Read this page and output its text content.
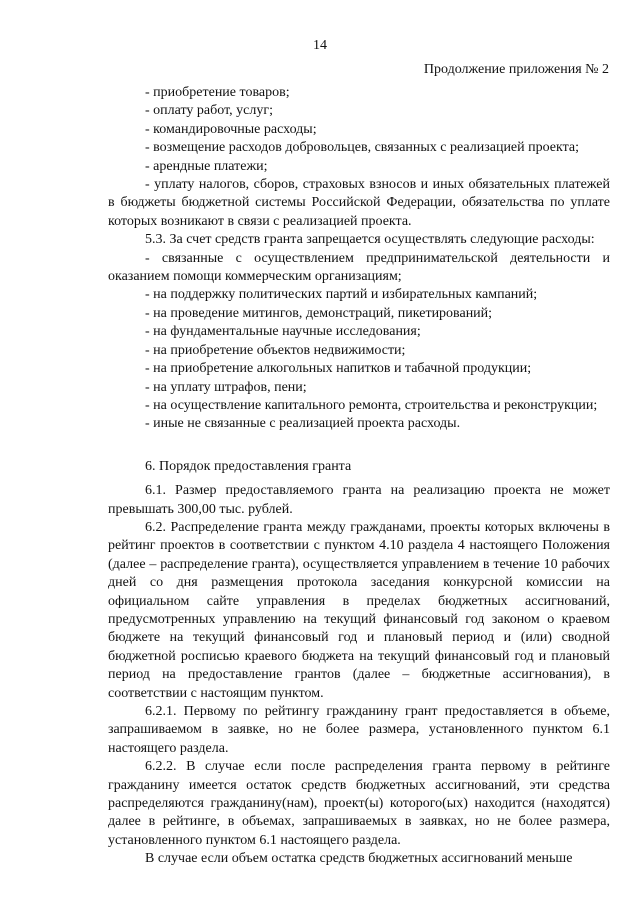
14
Продолжение приложения № 2

- приобретение товаров;

- оплату работ, услуг;

- командировочные расходы;

- возмещение расходов добровольцев, связанных с реализацией проекта;

- арендные платежи;

- уплату налогов, сборов, страховых взносов и иных обязательных платежей в бюджеты бюджетной системы Российской Федерации, обязательства по уплате которых возникают в связи с реализацией проекта.

5.3. За счет средств гранта запрещается осуществлять следующие расходы:

- связанные с осуществлением предпринимательской деятельности и оказанием помощи коммерческим организациям;

- на поддержку политических партий и избирательных кампаний;

- на проведение митингов, демонстраций, пикетирований;

- на фундаментальные научные исследования;

- на приобретение объектов недвижимости;

- на приобретение алкогольных напитков и табачной продукции;

- на уплату штрафов, пени;

- на осуществление капитального ремонта, строительства и реконструкции;

- иные не связанные с реализацией проекта расходы.

6. Порядок предоставления гранта

6.1. Размер предоставляемого гранта на реализацию проекта не может превышать 300,00 тыс. рублей.

6.2. Распределение гранта между гражданами, проекты которых включены в рейтинг проектов в соответствии с пунктом 4.10 раздела 4 настоящего Положения (далее – распределение гранта), осуществляется управлением в течение 10 рабочих дней со дня размещения протокола заседания конкурсной комиссии на официальном сайте управления в пределах бюджетных ассигнований, предусмотренных управлению на текущий финансовый год законом о краевом бюджете на текущий финансовый год и плановый период и (или) сводной бюджетной росписью краевого бюджета на текущий финансовый год и плановый период на предоставление грантов (далее – бюджетные ассигнования), в соответствии с настоящим пунктом.

6.2.1. Первому по рейтингу гражданину грант предоставляется в объеме, запрашиваемом в заявке, но не более размера, установленного пунктом 6.1 настоящего раздела.

6.2.2. В случае если после распределения гранта первому в рейтинге гражданину имеется остаток средств бюджетных ассигнований, эти средства распределяются гражданину(нам), проект(ы) которого(ых) находится (находятся) далее в рейтинге, в объемах, запрашиваемых в заявках, но не более размера, установленного пунктом 6.1 настоящего раздела.

В случае если объем остатка средств бюджетных ассигнований меньше
